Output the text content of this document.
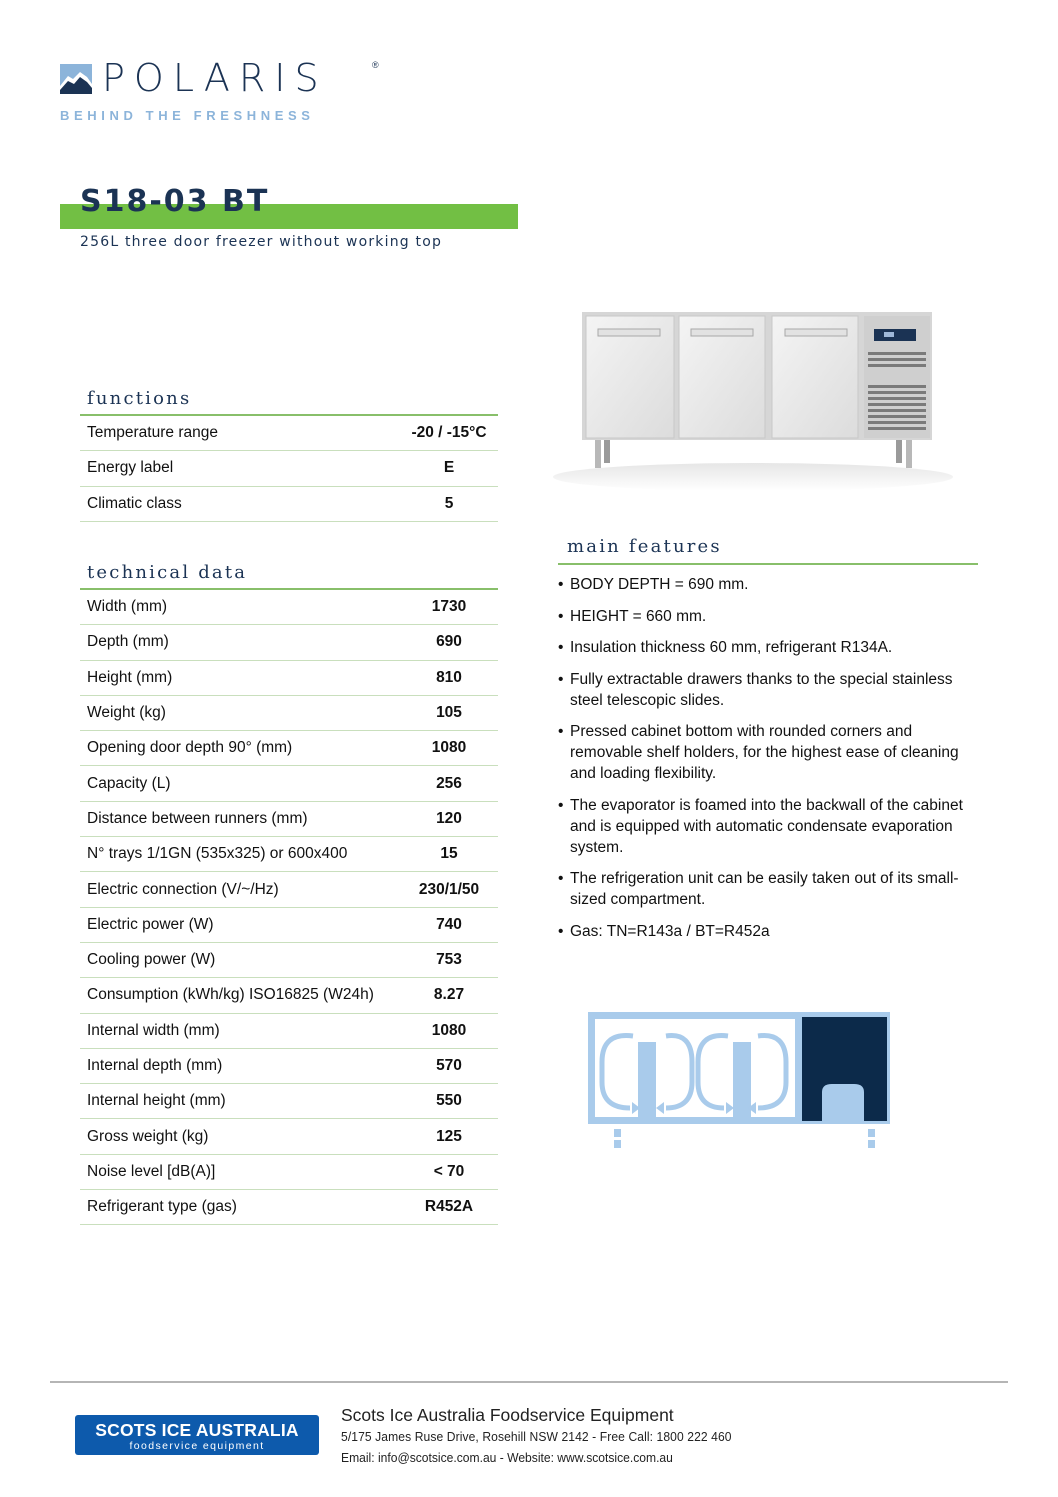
POLARIS	®
BEHIND THE FRESHNESS
S18-03 BT
256L three door freezer without working top
functions
Temperature range	-20 / -15°C
Energy label	E
Climatic class	5
technical data
Width (mm)	1730
Depth (mm)	690
Height (mm)	810
Weight (kg)	105
Opening door depth 90° (mm)	1080
Capacity (L)	256
Distance between runners (mm)	120
N° trays 1/1GN (535x325) or 600x400	15
Electric connection (V/~/Hz)	230/1/50
Electric power (W)	740
Cooling power (W)	753
Consumption (kWh/kg) ISO16825 (W24h)	8.27
Internal width (mm)	1080
Internal depth (mm)	570
Internal height (mm)	550
Gross weight (kg)	125
Noise level [dB(A)]	< 70
Refrigerant type (gas)	R452A
main features
• BODY DEPTH = 690 mm.
• HEIGHT = 660 mm.
• Insulation thickness 60 mm, refrigerant R134A.
• Fully extractable drawers thanks to the special stainless steel telescopic slides.
• Pressed cabinet bottom with rounded corners and removable shelf holders, for the highest ease of cleaning and loading flexibility.
• The evaporator is foamed into the backwall of the cabinet and is equipped with automatic condensate evaporation system.
• The refrigeration unit can be easily taken out of its small-sized compartment.
• Gas: TN=R143a / BT=R452a
SCOTS ICE AUSTRALIA
foodservice equipment
Scots Ice Australia Foodservice Equipment
5/175 James Ruse Drive, Rosehill NSW 2142 - Free Call: 1800 222 460
Email: info@scotsice.com.au - Website: www.scotsice.com.au
